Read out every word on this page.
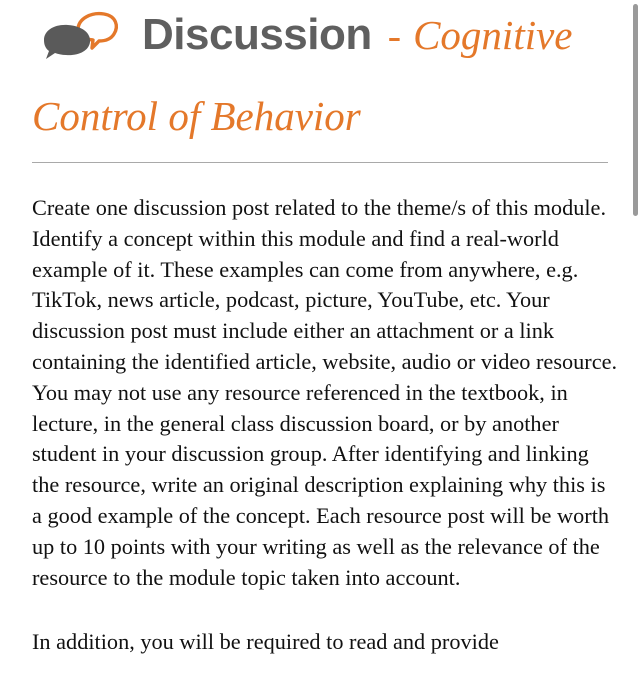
Discussion - Cognitive
Control of Behavior

Create one discussion post related to the theme/s of this module. Identify a concept within this module and find a real-world example of it. These examples can come from anywhere, e.g. TikTok, news article, podcast, picture, YouTube, etc. Your discussion post must include either an attachment or a link containing the identified article, website, audio or video resource. You may not use any resource referenced in the textbook, in lecture, in the general class discussion board, or by another student in your discussion group. After identifying and linking the resource, write an original description explaining why this is a good example of the concept. Each resource post will be worth up to 10 points with your writing as well as the relevance of the resource to the module topic taken into account.

In addition, you will be required to read and provide
